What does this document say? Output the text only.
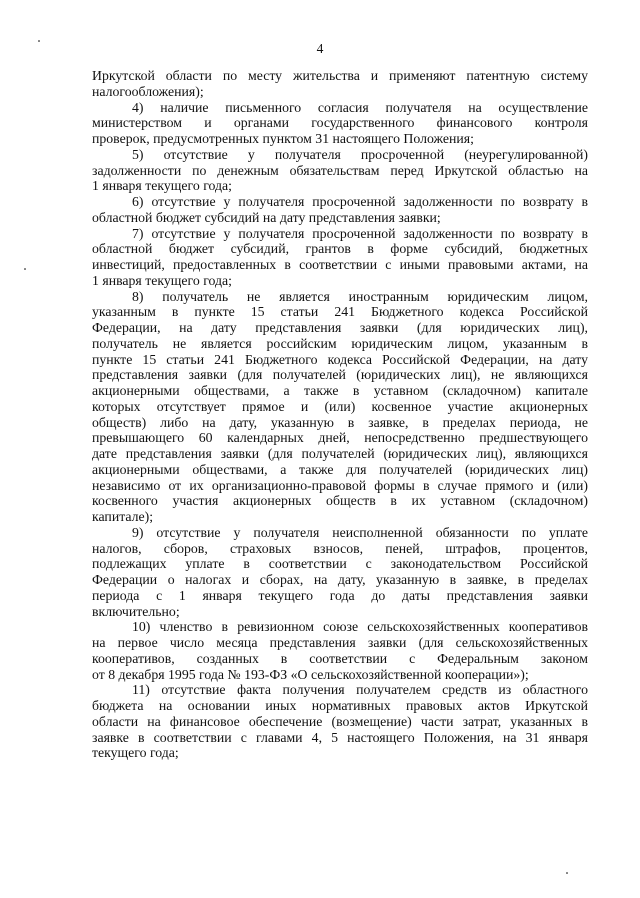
4
Иркутской области по месту жительства и применяют патентную систему
налогообложения);
4) наличие письменного согласия получателя на осуществление
министерством и органами государственного финансового контроля
проверок, предусмотренных пунктом 31 настоящего Положения;
5) отсутствие у получателя просроченной (неурегулированной)
задолженности по денежным обязательствам перед Иркутской областью на
1 января текущего года;
6) отсутствие у получателя просроченной задолженности по возврату в
областной бюджет субсидий на дату представления заявки;
7) отсутствие у получателя просроченной задолженности по возврату в
областной бюджет субсидий, грантов в форме субсидий, бюджетных
инвестиций, предоставленных в соответствии с иными правовыми актами, на
1 января текущего года;
8) получатель не является иностранным юридическим лицом,
указанным в пункте 15 статьи 241 Бюджетного кодекса Российской
Федерации, на дату представления заявки (для юридических лиц),
получатель не является российским юридическим лицом, указанным в
пункте 15 статьи 241 Бюджетного кодекса Российской Федерации, на дату
представления заявки (для получателей (юридических лиц), не являющихся
акционерными обществами, а также в уставном (складочном) капитале
которых отсутствует прямое и (или) косвенное участие акционерных
обществ) либо на дату, указанную в заявке, в пределах периода, не
превышающего 60 календарных дней, непосредственно предшествующего
дате представления заявки (для получателей (юридических лиц), являющихся
акционерными обществами, а также для получателей (юридических лиц)
независимо от их организационно-правовой формы в случае прямого и (или)
косвенного участия акционерных обществ в их уставном (складочном)
капитале);
9) отсутствие у получателя неисполненной обязанности по уплате
налогов, сборов, страховых взносов, пеней, штрафов, процентов,
подлежащих уплате в соответствии с законодательством Российской
Федерации о налогах и сборах, на дату, указанную в заявке, в пределах
периода с 1 января текущего года до даты представления заявки
включительно;
10) членство в ревизионном союзе сельскохозяйственных кооперативов
на первое число месяца представления заявки (для сельскохозяйственных
кооперативов, созданных в соответствии с Федеральным законом
от 8 декабря 1995 года № 193-ФЗ «О сельскохозяйственной кооперации»);
11) отсутствие факта получения получателем средств из областного
бюджета на основании иных нормативных правовых актов Иркутской
области на финансовое обеспечение (возмещение) части затрат, указанных в
заявке в соответствии с главами 4, 5 настоящего Положения, на 31 января
текущего года;
